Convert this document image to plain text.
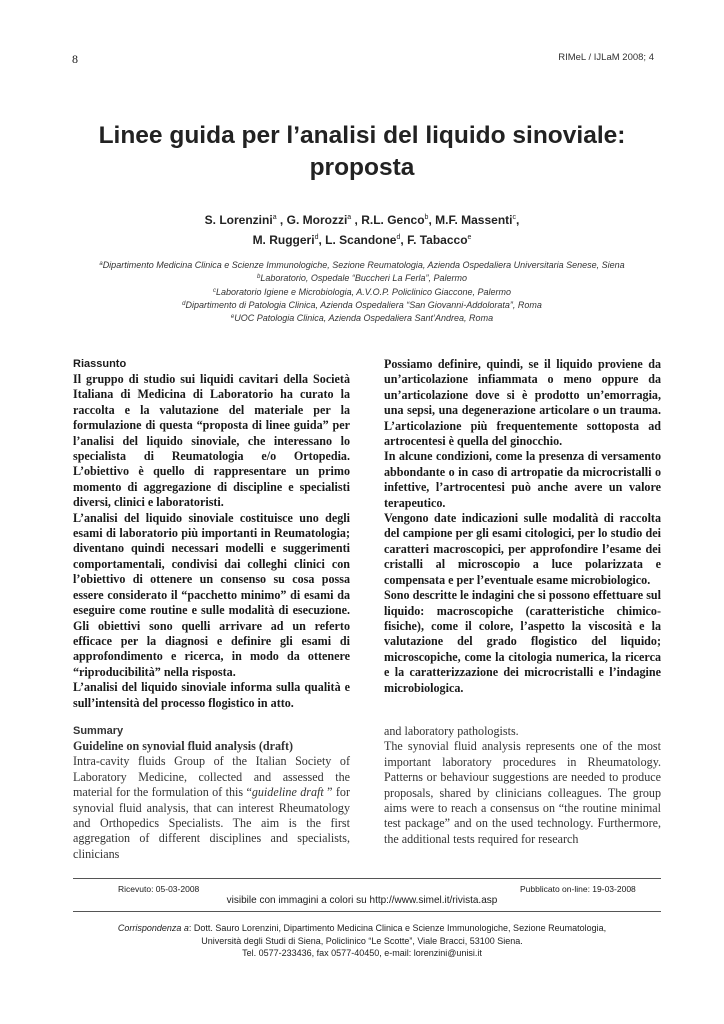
8	RIMeL / IJLaM 2008; 4
Linee guida per l’analisi del liquido sinoviale:
proposta
S. Lorenzini$^a$ , G. Morozzi$^a$ , R.L. Genco$^b$, M.F. Massenti$^c$,
M. Ruggeri$^d$, L. Scandone$^d$, F. Tabacco$^e$
$^a$Dipartimento Medicina Clinica e Scienze Immunologiche, Sezione Reumatologia, Azienda Ospedaliera Universitaria Senese, Siena
$^b$Laboratorio, Ospedale “Buccheri La Ferla”, Palermo
$^c$Laboratorio Igiene e Microbiologia, A.V.O.P. Policlinico Giaccone, Palermo
$^d$Dipartimento di Patologia Clinica, Azienda Ospedaliera “San Giovanni-Addolorata”, Roma
$^e$UOC Patologia Clinica, Azienda Ospedaliera Sant’Andrea, Roma
Riassunto

Il gruppo di studio sui liquidi cavitari della Società Italiana di Medicina di Laboratorio ha curato la raccolta e la valutazione del materiale per la formulazione di questa “proposta di linee guida” per l’analisi del liquido sinoviale, che interessano lo specialista di Reumatologia e/o Ortopedia. L’obiettivo è quello di rappresentare un primo momento di aggregazione di discipline e specialisti diversi, clinici e laboratoristi.

L’analisi del liquido sinoviale costituisce uno degli esami di laboratorio più importanti in Reumatologia; diventano quindi necessari modelli e suggerimenti comportamentali, condivisi dai colleghi clinici con l’obiettivo di ottenere un consenso su cosa possa essere considerato il “pacchetto minimo” di esami da eseguire come routine e sulle modalità di esecuzione. Gli obiettivi sono quelli arrivare ad un referto efficace per la diagnosi e definire gli esami di approfondimento e ricerca, in modo da ottenere “riproducibilità” nella risposta.

L’analisi del liquido sinoviale informa sulla qualità e sull’intensità del processo flogistico in atto.

Possiamo definire, quindi, se il liquido proviene da un’articolazione infiammata o meno oppure da un’articolazione dove si è prodotto un’emorragia, una sepsi, una degenerazione articolare o un trauma. L’articolazione più frequentemente sottoposta ad artrocentesi è quella del ginocchio.

In alcune condizioni, come la presenza di versamento abbondante o in caso di artropatie da microcristalli o infettive, l’artrocentesi può anche avere un valore terapeutico.

Vengono date indicazioni sulle modalità di raccolta del campione per gli esami citologici, per lo studio dei caratteri macroscopici, per approfondire l’esame dei cristalli al microscopio a luce polarizzata e compensata e per l’eventuale esame microbiologico.

Sono descritte le indagini che si possono effettuare sul liquido: macroscopiche (caratteristiche chimico-fisiche), come il colore, l’aspetto la viscosità e la valutazione del grado flogistico del liquido; microscopiche, come la citologia numerica, la ricerca e la caratterizzazione dei microcristalli e l’indagine microbiologica.

Summary
Guideline on synovial fluid analysis (draft)

Intra-cavity fluids Group of the Italian Society of Laboratory Medicine, collected and assessed the material for the formulation of this “guideline draft ” for synovial fluid analysis, that can interest Rheumatology and Orthopedics Specialists. The aim is the first aggregation of different disciplines and specialists, clinicians

and laboratory pathologists.

The synovial fluid analysis represents one of the most important laboratory procedures in Rheumatology. Patterns or behaviour suggestions are needed to produce proposals, shared by clinicians colleagues. The group aims were to reach a consensus on “the routine minimal test package” and on the used technology. Furthermore, the additional tests required for research

Ricevuto: 05-03-2008	Pubblicato on-line: 19-03-2008
visibile con immagini a colori su http://www.simel.it/rivista.asp
Corrispondenza a: Dott. Sauro Lorenzini, Dipartimento Medicina Clinica e Scienze Immunologiche, Sezione Reumatologia,
Università degli Studi di Siena, Policlinico “Le Scotte”, Viale Bracci, 53100 Siena.
Tel. 0577-233436, fax 0577-40450, e-mail: lorenzini@unisi.it
